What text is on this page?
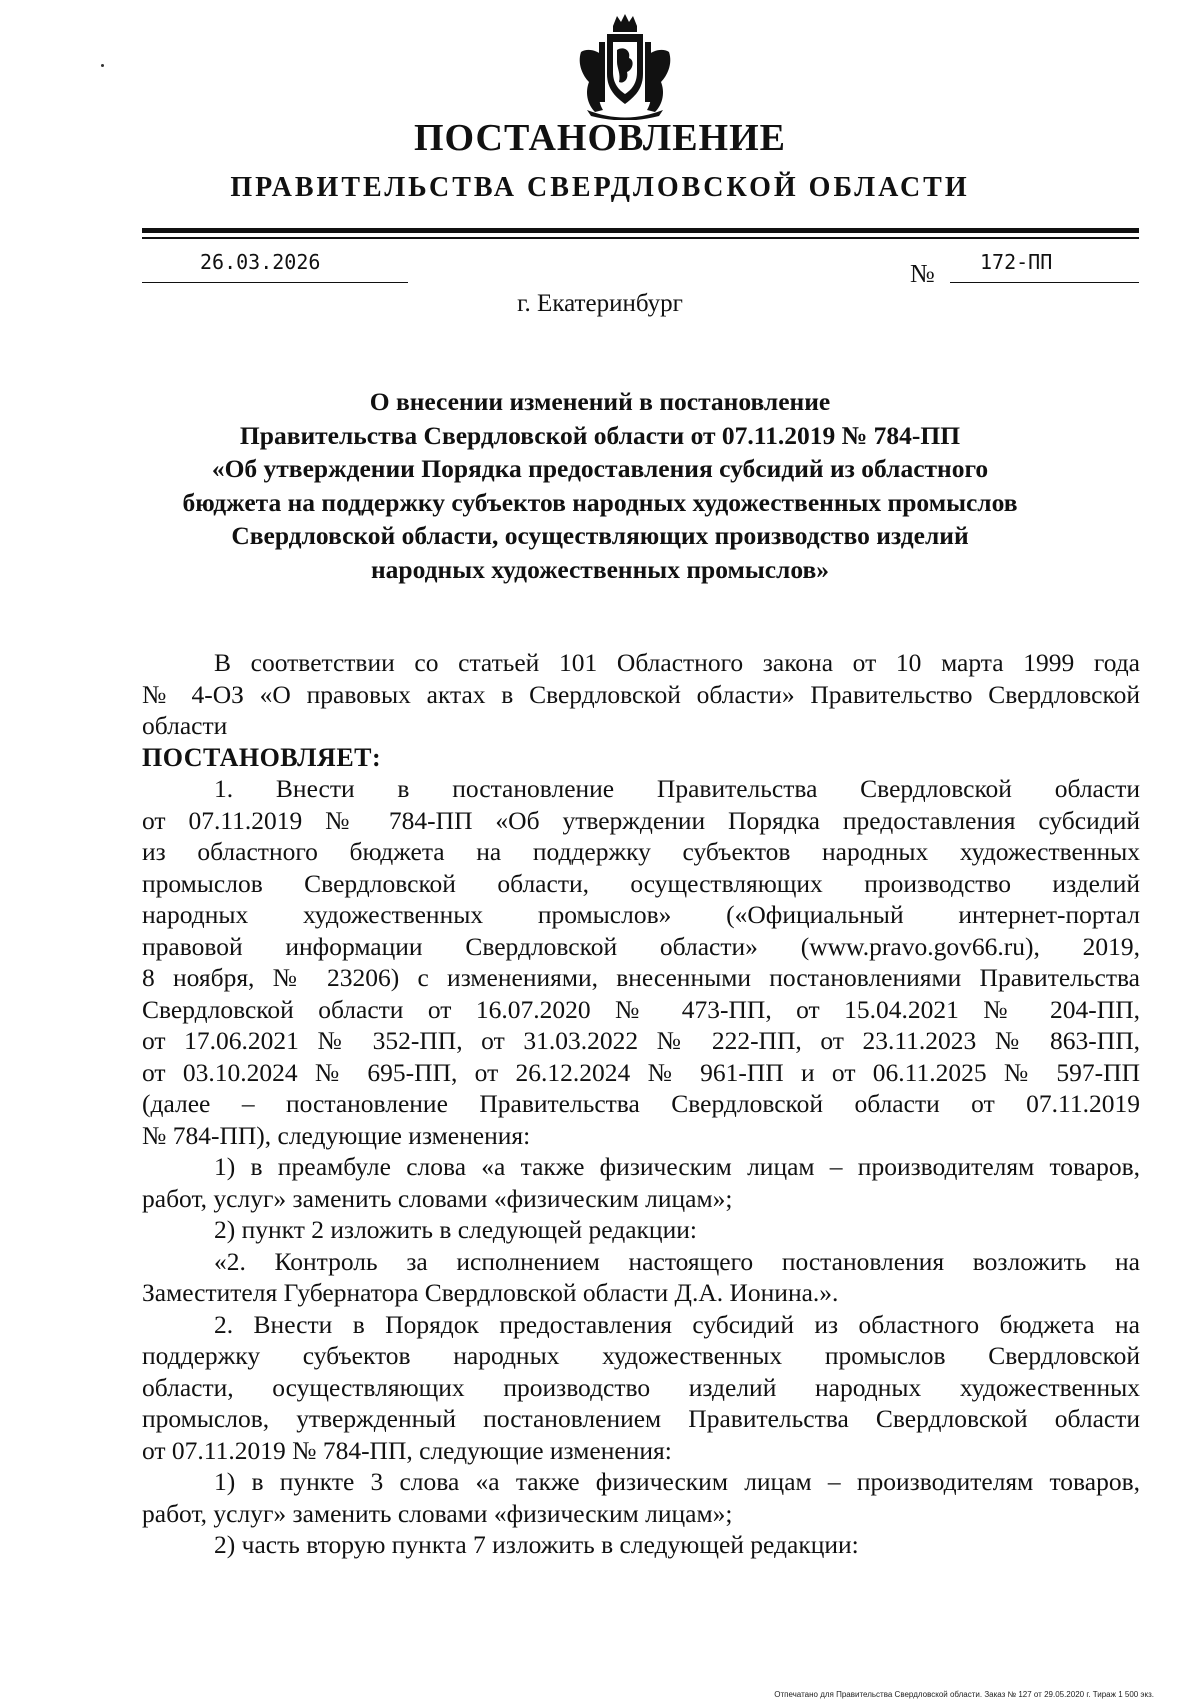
ПОСТАНОВЛЕНИЕ
ПРАВИТЕЛЬСТВА СВЕРДЛОВСКОЙ ОБЛАСТИ
26.03.2026	№ 172-ПП
г. Екатеринбург
О внесении изменений в постановление
Правительства Свердловской области от 07.11.2019 № 784-ПП
«Об утверждении Порядка предоставления субсидий из областного
бюджета на поддержку субъектов народных художественных промыслов
Свердловской области, осуществляющих производство изделий
народных художественных промыслов»
В соответствии со статьей 101 Областного закона от 10 марта 1999 года
№ 4-ОЗ «О правовых актах в Свердловской области» Правительство Свердловской
области
ПОСТАНОВЛЯЕТ:
1. Внести в постановление Правительства Свердловской области
от 07.11.2019 № 784-ПП «Об утверждении Порядка предоставления субсидий
из областного бюджета на поддержку субъектов народных художественных
промыслов Свердловской области, осуществляющих производство изделий
народных художественных промыслов» («Официальный интернет-портал
правовой информации Свердловской области» (www.pravo.gov66.ru), 2019,
8 ноября, № 23206) с изменениями, внесенными постановлениями Правительства
Свердловской области от 16.07.2020 № 473-ПП, от 15.04.2021 № 204-ПП,
от 17.06.2021 № 352-ПП, от 31.03.2022 № 222-ПП, от 23.11.2023 № 863-ПП,
от 03.10.2024 № 695-ПП, от 26.12.2024 № 961-ПП и от 06.11.2025 № 597-ПП
(далее – постановление Правительства Свердловской области от 07.11.2019
№ 784-ПП), следующие изменения:
1) в преамбуле слова «а также физическим лицам – производителям товаров,
работ, услуг» заменить словами «физическим лицам»;
2) пункт 2 изложить в следующей редакции:
«2. Контроль за исполнением настоящего постановления возложить на
Заместителя Губернатора Свердловской области Д.А. Ионина.».
2. Внести в Порядок предоставления субсидий из областного бюджета на
поддержку субъектов народных художественных промыслов Свердловской
области, осуществляющих производство изделий народных художественных
промыслов, утвержденный постановлением Правительства Свердловской области
от 07.11.2019 № 784-ПП, следующие изменения:
1) в пункте 3 слова «а также физическим лицам – производителям товаров,
работ, услуг» заменить словами «физическим лицам»;
2) часть вторую пункта 7 изложить в следующей редакции:
Отпечатано для Правительства Свердловской области. Заказ № 127 от 29.05.2020 г. Тираж 1 500 экз.
